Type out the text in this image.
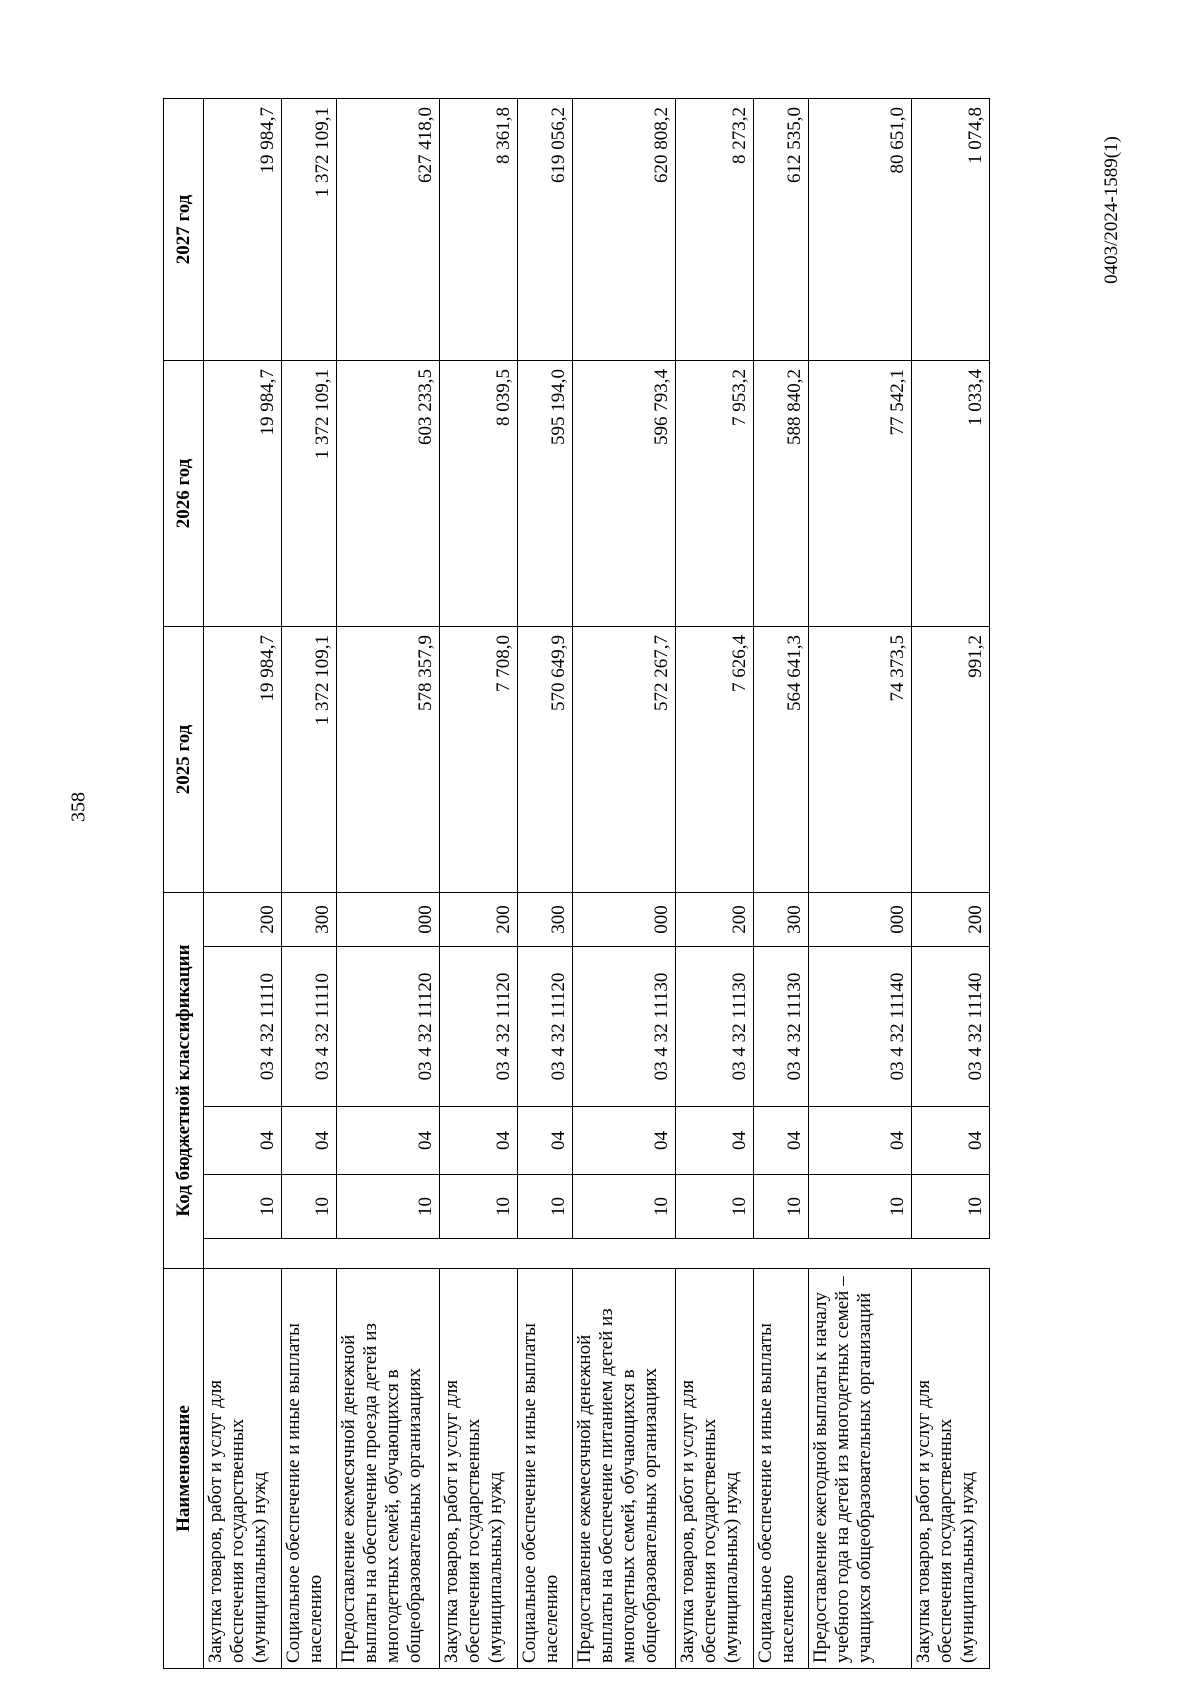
358
0403/2024-1589(1)
Наименование	Код бюджетной классификации					2025 год	2026 год	2027 год
Закупка товаров, работ и услуг для обеспечения государственных (муниципальных) нужд		10	04	03 4 32 11110	200	19 984,7	19 984,7	19 984,7
Социальное обеспечение и иные выплаты населению		10	04	03 4 32 11110	300	1 372 109,1	1 372 109,1	1 372 109,1
Предоставление ежемесячной денежной выплаты на обеспечение проезда детей из многодетных семей, обучающихся в общеобразовательных организациях		10	04	03 4 32 11120	000	578 357,9	603 233,5	627 418,0
Закупка товаров, работ и услуг для обеспечения государственных (муниципальных) нужд		10	04	03 4 32 11120	200	7 708,0	8 039,5	8 361,8
Социальное обеспечение и иные выплаты населению		10	04	03 4 32 11120	300	570 649,9	595 194,0	619 056,2
Предоставление ежемесячной денежной выплаты на обеспечение питанием детей из многодетных семей, обучающихся в общеобразовательных организациях		10	04	03 4 32 11130	000	572 267,7	596 793,4	620 808,2
Закупка товаров, работ и услуг для обеспечения государственных (муниципальных) нужд		10	04	03 4 32 11130	200	7 626,4	7 953,2	8 273,2
Социальное обеспечение и иные выплаты населению		10	04	03 4 32 11130	300	564 641,3	588 840,2	612 535,0
Предоставление ежегодной выплаты к началу учебного года на детей из многодетных семей – учащихся общеобразовательных организаций		10	04	03 4 32 11140	000	74 373,5	77 542,1	80 651,0
Закупка товаров, работ и услуг для обеспечения государственных (муниципальных) нужд		10	04	03 4 32 11140	200	991,2	1 033,4	1 074,8
